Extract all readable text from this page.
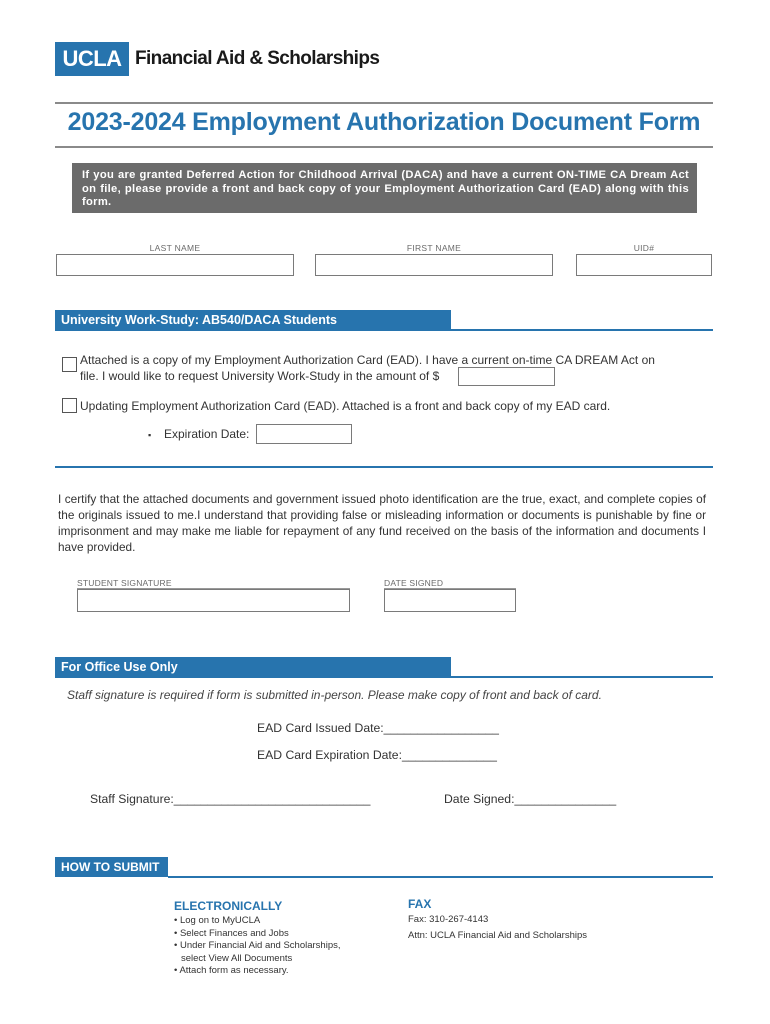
UCLA Financial Aid & Scholarships
2023-2024 Employment Authorization Document Form
If you are granted Deferred Action for Childhood Arrival (DACA) and have a current ON-TIME CA Dream Act on file, please provide a front and back copy of your Employment Authorization Card (EAD) along with this form.
LAST NAME	FIRST NAME	UID#
University Work-Study: AB540/DACA Students
Attached is a copy of my Employment Authorization Card (EAD). I have a current on-time CA DREAM Act on
file. I would like to request University Work-Study in the amount of $
Updating Employment Authorization Card (EAD). Attached is a front and back copy of my EAD card.
▪ Expiration Date:
I certify that the attached documents and government issued photo identification are the true, exact, and complete copies of the originals issued to me.I understand that providing false or misleading information or documents is punishable by fine or imprisonment and may make me liable for repayment of any fund received on the basis of the information and documents I have provided.
STUDENT SIGNATURE	DATE SIGNED
For Office Use Only
Staff signature is required if form is submitted in-person. Please make copy of front and back of card.
EAD Card Issued Date:_________________
EAD Card Expiration Date:______________
Staff Signature:_____________________________	Date Signed:_______________
HOW TO SUBMIT
ELECTRONICALLY
• Log on to MyUCLA
• Select Finances and Jobs
• Under Financial Aid and Scholarships, select View All Documents
• Attach form as necessary.
FAX
Fax: 310-267-4143
Attn: UCLA Financial Aid and Scholarships
